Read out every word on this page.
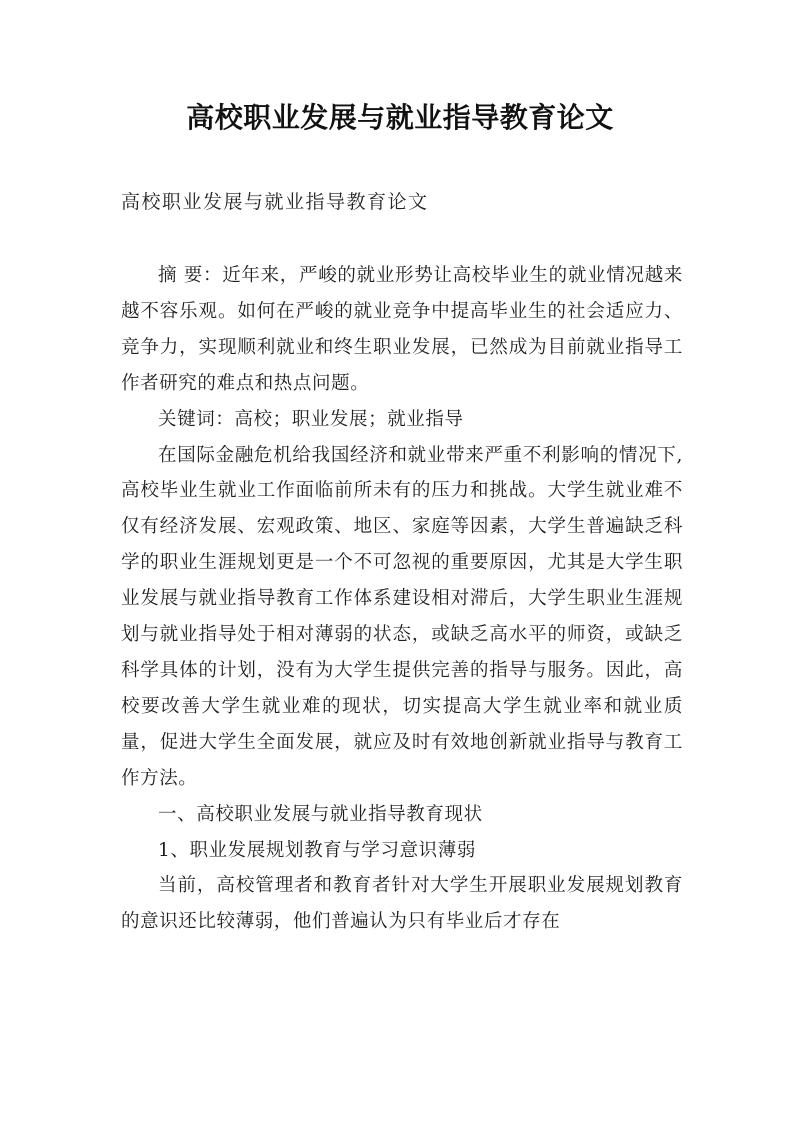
高校职业发展与就业指导教育论文
高校职业发展与就业指导教育论文

摘 要：近年来，严峻的就业形势让高校毕业生的就业情况越来越不容乐观。如何在严峻的就业竞争中提高毕业生的社会适应力、竞争力，实现顺利就业和终生职业发展，已然成为目前就业指导工作者研究的难点和热点问题。

关键词：高校；职业发展；就业指导

在国际金融危机给我国经济和就业带来严重不利影响的情况下,高校毕业生就业工作面临前所未有的压力和挑战。大学生就业难不仅有经济发展、宏观政策、地区、家庭等因素，大学生普遍缺乏科学的职业生涯规划更是一个不可忽视的重要原因，尤其是大学生职业发展与就业指导教育工作体系建设相对滞后，大学生职业生涯规划与就业指导处于相对薄弱的状态，或缺乏高水平的师资，或缺乏科学具体的计划，没有为大学生提供完善的指导与服务。因此，高校要改善大学生就业难的现状，切实提高大学生就业率和就业质量，促进大学生全面发展，就应及时有效地创新就业指导与教育工作方法。

一、高校职业发展与就业指导教育现状

1、职业发展规划教育与学习意识薄弱

当前，高校管理者和教育者针对大学生开展职业发展规划教育的意识还比较薄弱，他们普遍认为只有毕业后才存在
